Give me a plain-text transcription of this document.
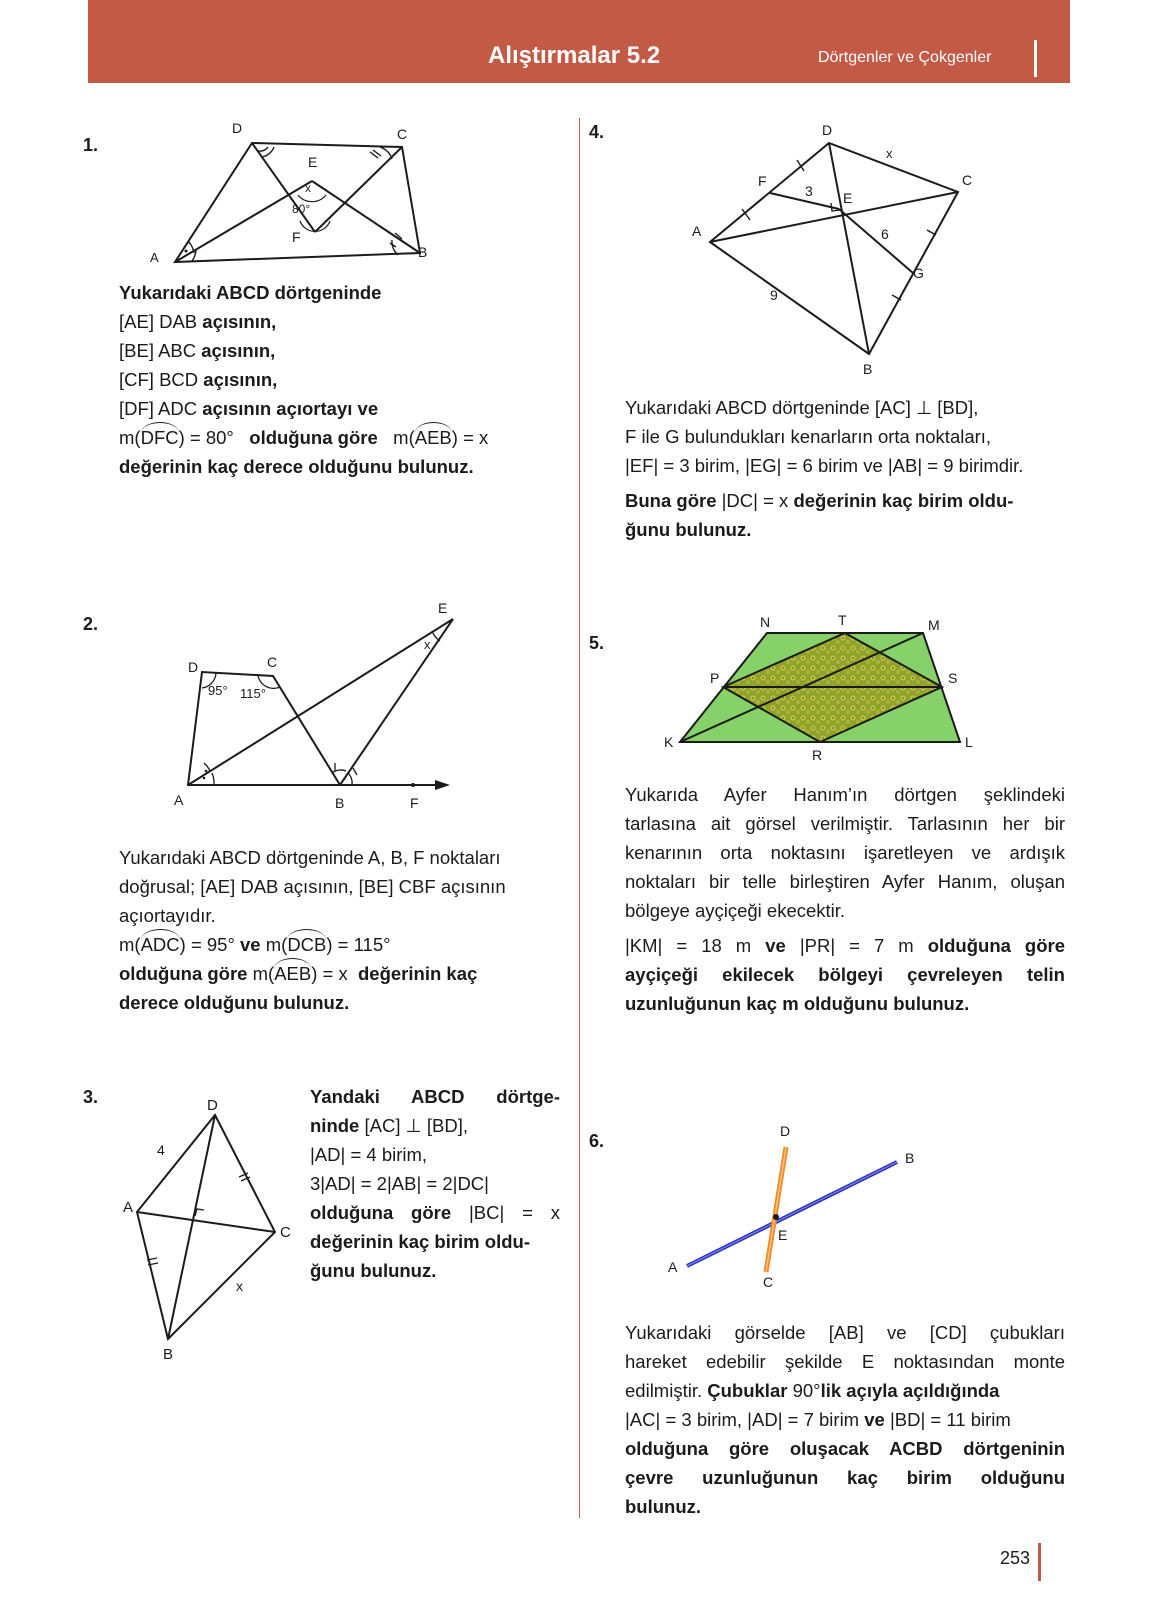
Alıştırmalar 5.2	Dörtgenler ve Çokgenler
1.
D	C
E
x
80°
F
A	B

Yukarıdaki ABCD dörtgeninde

[AE] DAB açısının,

[BE] ABC açısının,

[CF] BCD açısının,

[DF] ADC açısının açıortayı ve

m(DFC) = 80° olduğuna göre m(AEB) = x

değerinin kaç derece olduğunu bulunuz.

2.
E
x
D	C
95° 115°
A	B	F

Yukarıdaki ABCD dörtgeninde A, B, F noktaları

doğrusal; [AE] DAB açısının, [BE] CBF açısının

açıortayıdır.

m(ADC) = 95° ve m(DCB) = 115°

olduğuna göre m(AEB) = x değerinin kaç

derece olduğunu bulunuz.

3.	D
4
A
C
x
B

Yandaki ABCD dörtge-

ninde [AC] ⊥ [BD],

|AD| = 4 birim,

3|AD| = 2|AB| = 2|DC|

olduğuna göre |BC| = x

değerinin kaç birim oldu-

ğunu bulunuz.

4.	D
x
C
F
3 E
A	6
G
9
B

Yukarıdaki ABCD dörtgeninde [AC] ⊥ [BD],

F ile G bulundukları kenarların orta noktaları,

|EF| = 3 birim, |EG| = 6 birim ve |AB| = 9 birimdir.

Buna göre |DC| = x değerinin kaç birim oldu-

ğunu bulunuz.

5.
N	T	M
P	S
K
R
L

Yukarıda Ayfer Hanım’ın dörtgen şeklindeki

tarlasına ait görsel verilmiştir. Tarlasının her bir

kenarının orta noktasını işaretleyen ve ardışık

noktaları bir telle birleştiren Ayfer Hanım, oluşan

bölgeye ayçiçeği ekecektir.

|KM| = 18 m ve |PR| = 7 m olduğuna göre

ayçiçeği ekilecek bölgeyi çevreleyen telin

uzunluğunun kaç m olduğunu bulunuz.

6.	D
B
E
A
C

Yukarıdaki görselde [AB] ve [CD] çubukları

hareket edebilir şekilde E noktasından monte

edilmiştir. Çubuklar 90°lik açıyla açıldığında

|AC| = 3 birim, |AD| = 7 birim ve |BD| = 11 birim

olduğuna göre oluşacak ACBD dörtgeninin

çevre uzunluğunun kaç birim olduğunu

bulunuz.

253
